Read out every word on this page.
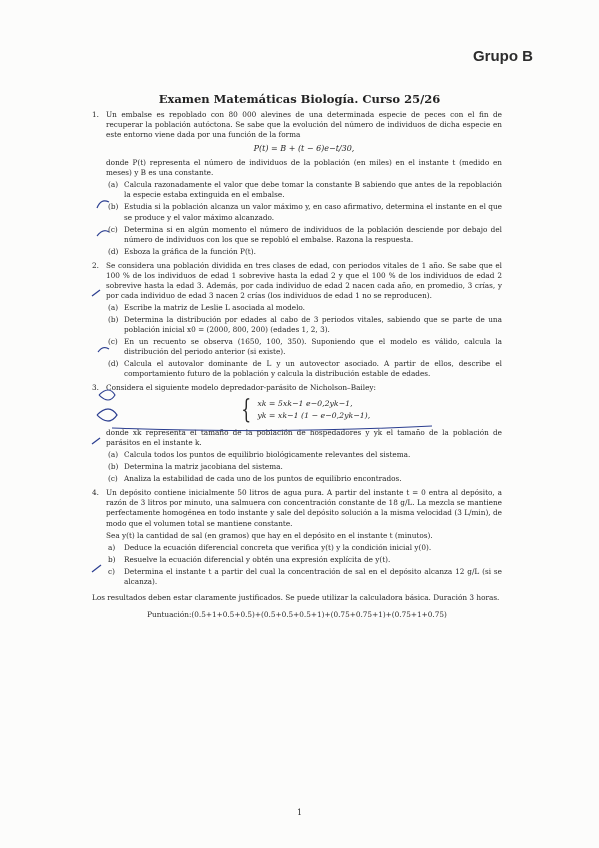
Grupo B
Examen Matemáticas Biología. Curso 25/26
1. Un embalse es repoblado con 80 000 alevines de una determinada especie de peces con el fin de recuperar la población autóctona. Se sabe que la evolución del número de individuos de dicha especie en este entorno viene dada por una función de la forma

P(t) = B + (t − 6)e−t/30,

donde P(t) representa el número de individuos de la población (en miles) en el instante t (medido en meses) y B es una constante.

(a) Calcula razonadamente el valor que debe tomar la constante B sabiendo que antes de la repoblación la especie estaba extinguida en el embalse.
(b) Estudia si la población alcanza un valor máximo y, en caso afirmativo, determina el instante en el que se produce y el valor máximo alcanzado.
(c) Determina si en algún momento el número de individuos de la población desciende por debajo del número de individuos con los que se repobló el embalse. Razona la respuesta.
(d) Esboza la gráfica de la función P(t).
2. Se considera una población dividida en tres clases de edad, con periodos vitales de 1 año. Se sabe que el 100 % de los individuos de edad 1 sobrevive hasta la edad 2 y que el 100 % de los individuos de edad 2 sobrevive hasta la edad 3. Además, por cada individuo de edad 2 nacen cada año, en promedio, 3 crías, y por cada individuo de edad 3 nacen 2 crías (los individuos de edad 1 no se reproducen).

(a) Escribe la matriz de Leslie L asociada al modelo.
(b) Determina la distribución por edades al cabo de 3 periodos vitales, sabiendo que se parte de una población inicial x0 = (2000, 800, 200) (edades 1, 2, 3).
(c) En un recuento se observa (1650, 100, 350). Suponiendo que el modelo es válido, calcula la distribución del periodo anterior (si existe).
(d) Calcula el autovalor dominante de L y un autovector asociado. A partir de ellos, describe el comportamiento futuro de la población y calcula la distribución estable de edades.
3. Considera el siguiente modelo depredador-parásito de Nicholson–Bailey:

{ xk = 5xk−1 e−0,2yk−1,
yk = xk−1 (1 − e−0,2yk−1),

donde xk representa el tamaño de la población de hospedadores y yk el tamaño de la población de parásitos en el instante k.

(a) Calcula todos los puntos de equilibrio biológicamente relevantes del sistema.
(b) Determina la matriz jacobiana del sistema.
(c) Analiza la estabilidad de cada uno de los puntos de equilibrio encontrados.
4. Un depósito contiene inicialmente 50 litros de agua pura. A partir del instante t = 0 entra al depósito, a razón de 3 litros por minuto, una salmuera con concentración constante de 18 g/L. La mezcla se mantiene perfectamente homogénea en todo instante y sale del depósito solución a la misma velocidad (3 L/min), de modo que el volumen total se mantiene constante.

Sea y(t) la cantidad de sal (en gramos) que hay en el depósito en el instante t (minutos).

a) Deduce la ecuación diferencial concreta que verifica y(t) y la condición inicial y(0).
b) Resuelve la ecuación diferencial y obtén una expresión explícita de y(t).
c) Determina el instante t a partir del cual la concentración de sal en el depósito alcanza 12 g/L (si se alcanza).

Los resultados deben estar claramente justificados. Se puede utilizar la calculadora básica. Duración 3 horas.

Puntuación:(0.5+1+0.5+0.5)+(0.5+0.5+0.5+1)+(0.75+0.75+1)+(0.75+1+0.75)
1
